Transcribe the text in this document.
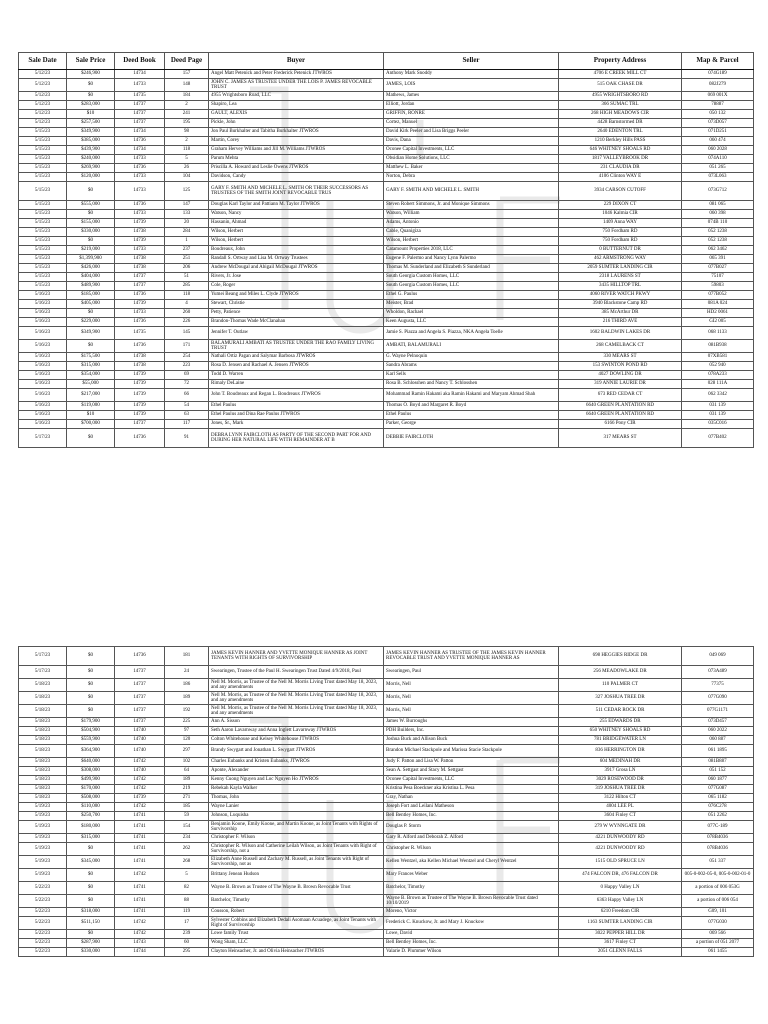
Sale Date	Sale Price	Deed Book	Deed Page	Buyer	Seller	Property Address	Map & Parcel
5/12/23	$246,900	14734	157	Angel Matt Petenick and Peter Frederick Petenick JTWROS	Anthony Mark Snoddy	4706 E CREEK MILL CT	074G189
5/12/23	$0	14733	148	JOHN C. JAMES AS TRUSTEE UNDER THE LOIS P. JAMES REVOCABLE TRUST	JAMES, LOIS	515 OAK CHASE DR	082J279
5/12/23	$0	14735	184	4955 Wrightsboro Road, LLC	Mathews, James	4955 WRIGHTSBORO RD	069 001X
5/12/23	$283,000	14737	2	Shapiro, Lea	Elliott, Jordan	366 SUMAC TRL	78887
5/12/23	$10	14737	241	GAULT, ALEXIS	GRIFFIN, RONRE	268 HIGH MEADOWS CIR	050 132
5/12/23	$257,500	14737	195	Pickle, John	Cortez, Manuel	4428 Barnstormed DR	073D057
5/15/23	$349,900	14734	98	Jon Paul Burkhalter and Tabitha Burkhalter JTWROS	David Kirk Peeler and Lisa Briggs Peeler	2640 EDENTON TRL	071D251
5/15/23	$385,000	14736	2	Martin, Corey	Davis, Dana	1210 Berkley Hills PASS	060 474
5/15/23	$439,900	14734	118	Graham Hervey Williams and Jill M. Williams JTWROS	Oconee Capital Investments, LLC	646 WHITNEY SHOALS RD	060 2028
5/15/23	$240,000	14733	5	Parum Mehta	Obsidian Home Solutions, LLC	1817 VALLEYBROOK DR	074A110
5/15/23	$269,900	14736	26	Priscilla A. Howard and Leslie Owens JTWROS	Matthew L. Baker	231 CLAUDIA DR	051 265
5/15/23	$120,000	14733	104	Davidson, Candy	Norton, Debra	4106 Clinton WAY E	073L063
5/15/23	$0	14733	125	GARY F. SMITH AND MICHELE L. SMITH OR THEIR SUCCESSORS AS TRUSTEES OF THE SMITH JOINT REVOCABLE TRUS	GARY F. SMITH AND MICHELE L. SMITH	3934 CARSON CUTOFF	073G712
5/15/23	$555,000	14736	147	Douglas Karl Taylor and Pattiann M. Taylor JTWROS	Steven Robert Simmons, Jr. and Monique Simmons	229 DIXON CT	081 065
5/15/23	$0	14733	133	Watson, Nancy	Watson, William	1046 Kalmia CIR	060 398
5/15/23	$155,000	14739	20	Hassanin, Ahmad	Adams, Antonio	1409 Anna WAY	074B 110
5/15/23	$330,000	14738	284	Wilson, Herbert	Cable, Quanigiza	750 Fordham RD	052 1238
5/15/23	$0	14739	1	Wilson, Herbert	Wilson, Herbert	750 Fordham RD	052 1238
5/15/23	$219,000	14733	237	Boudreaux, John	Catamount Properties 2018, LLC	0 BUTTERNUT DR	062 3462
5/15/23	$1,399,900	14738	251	Randall S. Ortway and Lisa M. Ortway Trustees	Eugene F. Palermo and Nancy Lynn Palermo	462 ARMSTRONG WAY	065 391
5/15/23	$426,000	14738	206	Andrew McDougal and Abigail McDougal JTWROS	Thomas M. Sunderland and Elizabeth S Sunderland	2059 SUMTER LANDING CIR	077B027
5/15/23	$404,000	14737	51	Rivers, Jr. Jose	South Georgia Custom Homes, LLC	2318 LAURENS ST	75107
5/15/23	$489,900	14737	285	Cole, Roger	South Georgia Custom Homes, LLC	3435 HILLTOP TRL	59803
5/16/23	$185,000	14736	118	Yumei Beang and Miles L. Clyde JTWROS	Ethel G. Paulus	4060 RIVER WATCH PKWY	077B052
5/16/23	$405,000	14739	4	Stewart, Christie	Meister, Brad	3940 Blackstone Camp RD	081A 024
5/16/23	$0	14733	260	Petty, Patience	Wholdon, Rachael	385 McArthur DR	HD2 0061
5/16/23	$229,000	14736	226	Brandon-Thomas Wade McClanahan	Keen Augusta, LLC	216 THIRD AVE	GI2 005
5/16/23	$349,900	14735	145	Jennifer T. Outlaw	Jamie S. Piazza and Angela S. Piazza, NKA Angela Toelle	1602 BALDWIN LAKES DR	068 1133
5/16/23	$0	14736	171	BALAMURALI AMBATI AS TRUSTEE UNDER THE RAO FAMILY LIVING TRUST	AMBATI, BALAMURALI	268 CAMELBACK CT	081B938
5/16/23	$175,500	14738	254	Nathali Ortiz Pagan and Salymar Barbosa JTWROS	G. Wayne Pelnoquin	330 MEARS ST	07XB581
5/16/23	$315,000	14738	223	Rosa D. Jensen and Rachael A. Jensen JTWROS	Sandra Abrams	153 SWINTON POND RD	052 940
5/16/23	$354,000	14739	69	Todd D. Warren	Karl Sells	4027 DOWLING DR	078A233
5/16/23	$55,000	14739	72	Rimaly DeLaine	Rosa B. Schlosshen and Nancy T. Schlosshen	319 ANNIE LAURIE DR	028 111A
5/16/23	$217,000	14739	66	John T. Boudreaux and Regan L. Boudreaux JTWROS	Mohammad Ramin Hakami aka Ramin Hakami and Maryam Ahmad Shah	673 RED CEDAR CT	062 3342
5/16/23	$119,000	14739	54	Ethel Paulus	Thomas O. Boyd and Margaret R. Boyd	6640 GREEN PLANTATION RD	031 139
5/16/23	$10	14739	63	Ethel Paulus and Dina Rae Paulus JTWROS	Ethel Paulus	6640 GREEN PLANTATION RD	031 139
5/16/23	$700,000	14737	117	Jones, Sr., Mark	Parker, George	6166 Pony CIR	035C016
5/17/23	$0	14736	91	DEBRA LYNN FAIRCLOTH AS PARTY OF THE SECOND PART FOR AND DURING HER NATURAL LIFE WITH REMAINDER AT B	DEBBIE FAIRCLOTH	317 MEARS ST	077B402
5/17/23	$0	14736	181	JAMES KEVIN HANNER AND YVETTE MONIQUE HANNER AS JOINT TENANTS WITH RIGHTS OF SURVIVORSHIP	JAMES KEVIN HANNER AS TRUSTEE OF THE JAMES KEVIN HANNER REVOCABLE TRUST AND YVETTE MONIQUE HANNER AS	698 HEGGIES RIDGE DR	049 069
5/17/23	$0	14737	24	Swearingen, Trustee of the Paul H. Swearingen Trust Dated 4/9/2018, Paul	Swearingen, Paul	256 MEADOWLAKE DR	073A489
5/18/23	$0	14737	186	Nell M. Morris, as Trustee of the Nell M. Morris Living Trust dated May 18, 2023, and any amendments	Morris, Nell	110 PALMER CT	77375
5/18/23	$0	14737	189	Nell M. Morris, as Trustee of the Nell M. Morris Living Trust dated May 18, 2023, and any amendments	Morris, Nell	327 JOSHUA TREE DR	077G090
5/18/23	$0	14737	192	Nell M. Morris, as Trustee of the Nell M. Morris Living Trust dated May 18, 2023, and any amendments	Morris, Nell	511 CEDAR ROCK DR	077G1171
5/18/23	$179,900	14737	225	Ann A. Sisson	James W. Burroughs	255 EDWARDS DR	073D457
5/18/23	$504,900	14740	97	Seth Aaron Lavarnway and Anna Inglett Lavarnway JTWROS	PDH Builders, Inc.	650 WHITNEY SHOALS RD	060 2022
5/18/23	$559,900	14740	120	Colton Whitehouse and Kelsey Whitehouse JTWROS	Joshua Buck and Allison Buck	781 BRIDGEWATER LN	060 887
5/18/23	$364,900	14740	297	Brandy Swygart and Jonathan L. Swygart JTWROS	Brandon Michael Stackpole and Marissa Stacie Stackpole	836 HERRINGTON DR	061 1895
5/18/23	$640,000	14742	102	Charles Eubanks and Kristen Eubanks, JTWROS	Judy F. Patton and Lisa W. Patton	604 MEDINAH DR	081B887
5/18/23	$308,000	14740	64	Aponte, Alexander	Sean A. Settgast and Stacy M. Settgast	3917 Grosa LN	051 152
5/18/23	$499,900	14742	189	Kenny Cuong Nguyen and Loc Nguyen Ho JTWROS	Oconee Capital Investments, LLC	3029 ROSEWOOD DR	060 1877
5/18/23	$170,000	14742	219	Rebekah Kayla Walker	Kristina Pesa Boeckner aka Kristina L. Pesa	319 JOSHUA TREE DR	077G087
5/18/23	$508,000	14739	271	Thomas, John	Gray, Nathan	3122 Hilton CT	065 1182
5/19/23	$110,000	14742	185	Wayne Lanier	Joseph Fort and Leilani Matheson	4004 LEE PL	076C278
5/19/23	$250,700	14741	59	Johnson, Luquisha	Bell Bentley Homes, Inc.	3604 Finley CT	051 2262
5/19/23	$180,000	14741	154	Benjamin Koone, Emily Koone, and Martin Koone, as Joint Tenants with Rights of Survivorship	Douglas P. Storm	279 W WYNNGATE DR	077C-189
5/19/23	$315,000	14741	234	Christopher F. Wilson	Gary R. Alford and Deborah Z. Alford	4221 DUNWOODY RD	078B4036
5/19/23	$0	14741	262	Christopher R. Wilson and Catherine Leilah Wilson, as Joint Tenants with Right of Survivorship, not a	Christopher R. Wilson	4221 DUNWOODY RD	078B4036
5/19/23	$345,000	14741	268	Elizabeth Anne Russell and Zachary M. Russell, as Joint Tenants with Right of Survivorship, not as	Kellen Wentzel, aka Kellen Michael Wentzel and Cheryl Wentzel	1515 OLD SPRUCE LN	051 337
5/19/23	$0	14742	5	Brittany Jenean Hudson	Mary Frances Weber	474 FALCON DR, 476 FALCON DR	005-0-002-05-0, 005-0-002-01-0
5/22/23	$0	14741	82	Wayne B. Brown as Trustee of The Wayne B. Brown Revocable Trust	Batchelor, Timothy	0 Happy Valley LN	a portion of 006 053G
5/22/23	$0	14741	88	Batchelor, Timothy	Wayne B. Brown as Trustee of The Wayne B. Brown Revocable Trust dated 10/10/2019	6363 Happy Valley LN	a portion of 006 054
5/22/23	$318,000	14741	119	Cousson, Robert	Moreno, Victor	6210 Freedom CIR	G09, 101
5/22/23	$511,150	14742	17	Sylvester Cobbins and Elizabeth Dedali Asomaan Acuadege, as Joint Tenants with Right of Survivorship	Frederick C. Knuckow, Jr. and Mary J. Knuckow	1163 SUMTER LANDING CIR	077G030
5/22/23	$0	14742	239	Lowe family Trust	Lowe, David	3022 PEPPER HILL DR	069 566
5/22/23	$287,900	14743	60	Wong Sham, LLC	Bell Bentley Homes, Inc.	3617 Finley CT	a portion of 051 2077
5/22/23	$330,000	14744	295	Clayton Heinsacher, Jr. and Olivia Heinsacher JTWROS	Valarie D. Plummer Wilson	2051 GLENN FALLS	061 1455
